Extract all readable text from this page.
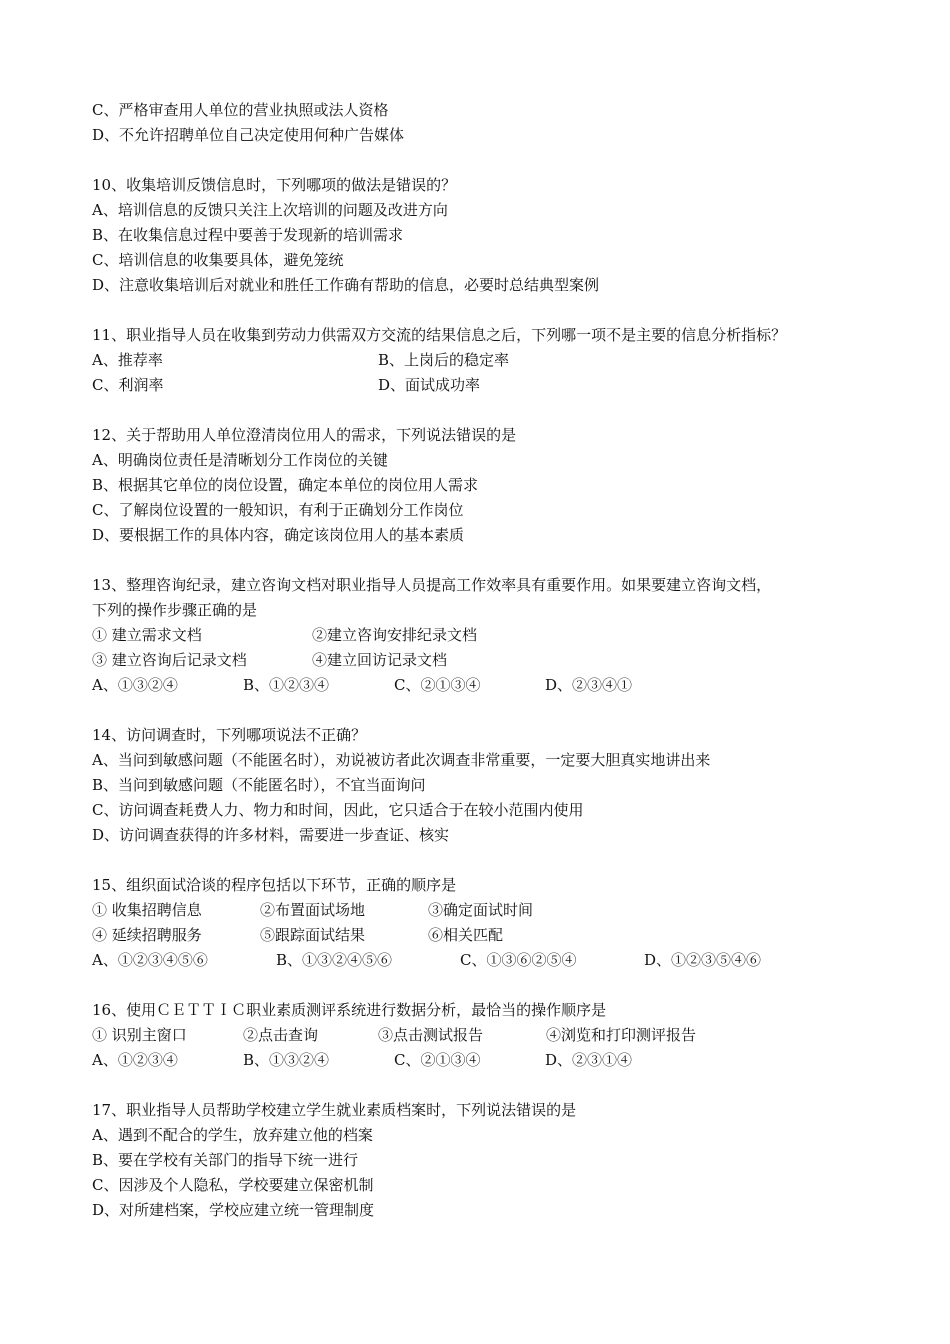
C、严格审查用人单位的营业执照或法人资格
D、不允许招聘单位自己决定使用何种广告媒体
10、收集培训反馈信息时，下列哪项的做法是错误的？
A、培训信息的反馈只关注上次培训的问题及改进方向
B、在收集信息过程中要善于发现新的培训需求
C、培训信息的收集要具体，避免笼统
D、注意收集培训后对就业和胜任工作确有帮助的信息，必要时总结典型案例
11、职业指导人员在收集到劳动力供需双方交流的结果信息之后，下列哪一项不是主要的信息分析指标？
A、推荐率	B、上岗后的稳定率
C、利润率	D、面试成功率
12、关于帮助用人单位澄清岗位用人的需求，下列说法错误的是
A、明确岗位责任是清晰划分工作岗位的关键
B、根据其它单位的岗位设置，确定本单位的岗位用人需求
C、了解岗位设置的一般知识，有利于正确划分工作岗位
D、要根据工作的具体内容，确定该岗位用人的基本素质
13、整理咨询纪录，建立咨询文档对职业指导人员提高工作效率具有重要作用。如果要建立咨询文档，
下列的操作步骤正确的是
① 建立需求文档	②建立咨询安排纪录文档
③ 建立咨询后记录文档	④建立回访记录文档
A、①③②④	B、①②③④	C、②①③④	D、②③④①
14、访问调查时，下列哪项说法不正确？
A、当问到敏感问题（不能匿名时），劝说被访者此次调查非常重要，一定要大胆真实地讲出来
B、当问到敏感问题（不能匿名时），不宜当面询问
C、访问调查耗费人力、物力和时间，因此，它只适合于在较小范围内使用
D、访问调查获得的许多材料，需要进一步查证、核实
15、组织面试洽谈的程序包括以下环节，正确的顺序是
① 收集招聘信息	②布置面试场地	③确定面试时间
④ 延续招聘服务	⑤跟踪面试结果	⑥相关匹配
A、①②③④⑤⑥	B、①③②④⑤⑥	C、①③⑥②⑤④	D、①②③⑤④⑥
16、使用ＣＥＴＴＩＣ职业素质测评系统进行数据分析，最恰当的操作顺序是
① 识别主窗口	②点击查询	③点击测试报告	④浏览和打印测评报告
A、①②③④	B、①③②④	C、②①③④	D、②③①④
17、职业指导人员帮助学校建立学生就业素质档案时，下列说法错误的是
A、遇到不配合的学生，放弃建立他的档案
B、要在学校有关部门的指导下统一进行
C、因涉及个人隐私，学校要建立保密机制
D、对所建档案，学校应建立统一管理制度
